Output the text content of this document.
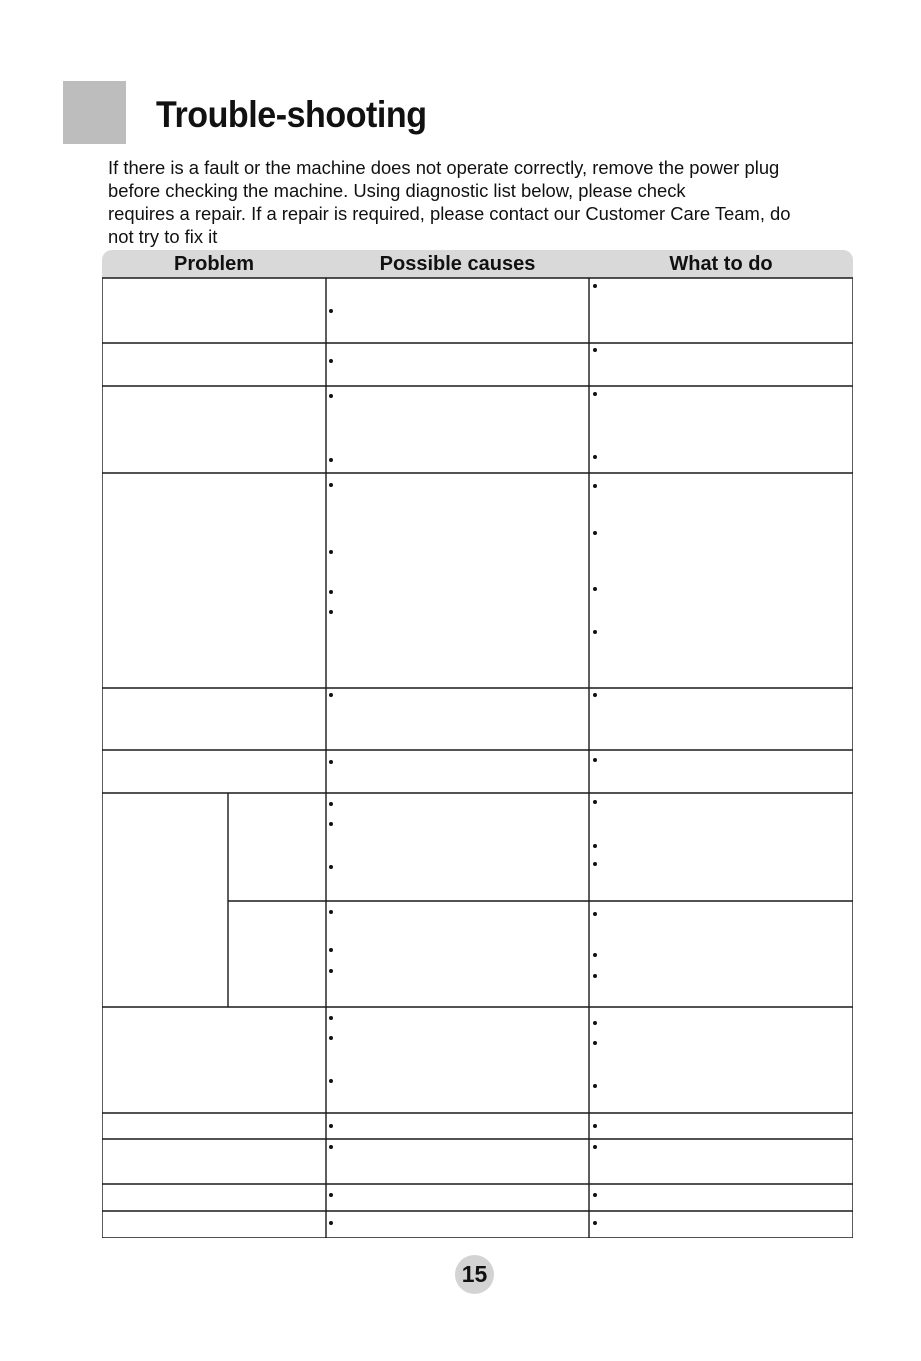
Trouble-shooting

If there is a fault or the machine does not operate correctly, remove the power plug

before checking the machine. Using diagnostic list below, please check

requires a repair. If a repair is required, please contact our Customer Care Team, do

not try to fix it

Problem	Possible causes	What to do
15
